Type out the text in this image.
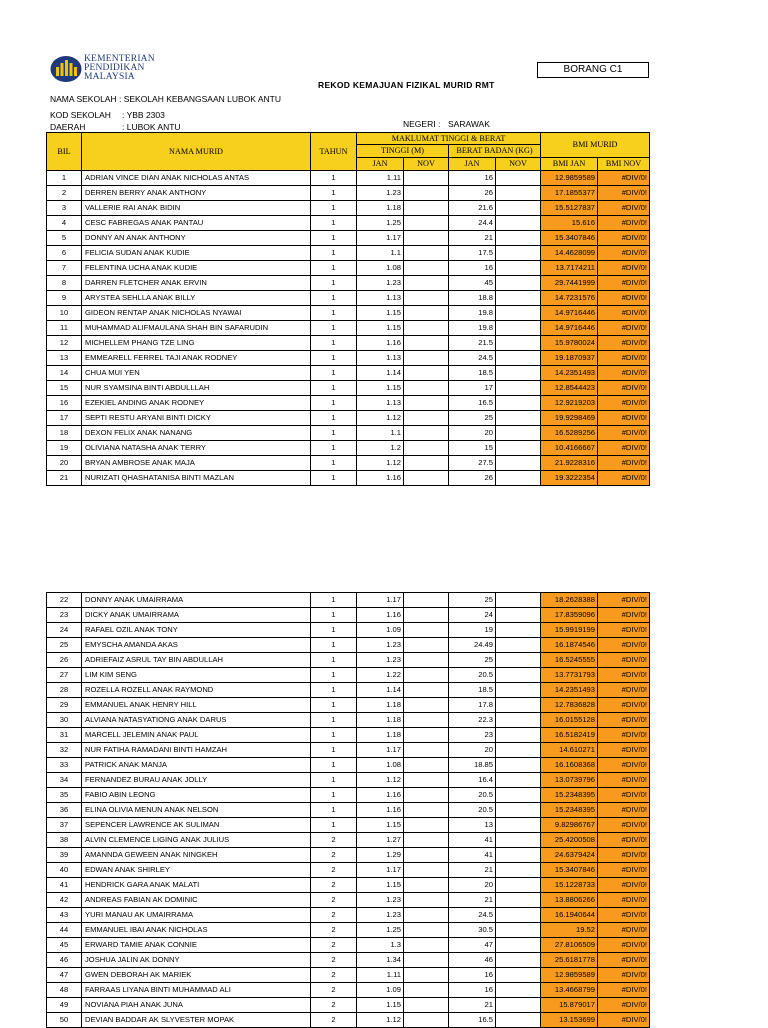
KEMENTERIAN
PENDIDIKAN
MALAYSIA
BORANG C1
REKOD KEMAJUAN FIZIKAL MURID RMT
NAMA SEKOLAH : SEKOLAH KEBANGSAAN LUBOK ANTU
KOD SEKOLAH : YBB 2303
DAERAH	: LUBOK ANTU	NEGERI : SARAWAK
BIL	NAMA MURID	TAHUN	MAKLUMAT TINGGI & BERAT				BMI MURID	
			TINGGI (M)		BERAT BADAN (KG)			
			JAN	NOV	JAN	NOV	BMI JAN	BMI NOV
1	ADRIAN VINCE DIAN ANAK NICHOLAS ANTAS	1	1.11		16		12.9859589	#DIV/0!
2	DERREN BERRY ANAK ANTHONY	1	1.23		26		17.1855377	#DIV/0!
3	VALLERIE RAI ANAK BIDIN	1	1.18		21.6		15.5127837	#DIV/0!
4	CESC FABREGAS ANAK PANTAU	1	1.25		24.4		15.616	#DIV/0!
5	DONNY AN ANAK ANTHONY	1	1.17		21		15.3407846	#DIV/0!
6	FELICIA SUDAN ANAK KUDIE	1	1.1		17.5		14.4628099	#DIV/0!
7	FELENTINA UCHA ANAK KUDIE	1	1.08		16		13.7174211	#DIV/0!
8	DARREN FLETCHER ANAK ERVIN	1	1.23		45		29.7441999	#DIV/0!
9	ARYSTEA SEHLLA ANAK BILLY	1	1.13		18.8		14.7231576	#DIV/0!
10	GIDEON RENTAP ANAK NICHOLAS NYAWAI	1	1.15		19.8		14.9716446	#DIV/0!
11	MUHAMMAD ALIFMAULANA SHAH BIN SAFARUDIN	1	1.15		19.8		14.9716446	#DIV/0!
12	MICHELLEM PHANG TZE LING	1	1.16		21.5		15.9780024	#DIV/0!
13	EMMEARELL FERREL TAJI ANAK RODNEY	1	1.13		24.5		19.1870937	#DIV/0!
14	CHUA MUI YEN	1	1.14		18.5		14.2351493	#DIV/0!
15	NUR SYAMSINA BINTI ABDULLLAH	1	1.15		17		12.8544423	#DIV/0!
16	EZEKIEL ANDING ANAK RODNEY	1	1.13		16.5		12.9219203	#DIV/0!
17	SEPTI RESTU ARYANI BINTI DICKY	1	1.12		25		19.9298469	#DIV/0!
18	DEXON FELIX ANAK NANANG	1	1.1		20		16.5289256	#DIV/0!
19	OLIVIANA NATASHA ANAK TERRY	1	1.2		15		10.4166667	#DIV/0!
20	BRYAN AMBROSE ANAK MAJA	1	1.12		27.5		21.9228316	#DIV/0!
21	NURIZATI QHASHATANISA BINTI MAZLAN	1	1.16		26		19.3222354	#DIV/0!
22	DONNY ANAK UMAIRRAMA	1	1.17		25		18.2628388	#DIV/0!
23	DICKY ANAK UMAIRRAMA	1	1.16		24		17.8359096	#DIV/0!
24	RAFAEL OZIL ANAK TONY	1	1.09		19		15.9919199	#DIV/0!
25	EMYSCHA AMANDA AKAS	1	1.23		24.49		16.1874546	#DIV/0!
26	ADRIEFAIZ ASRUL TAY BIN ABDULLAH	1	1.23		25		16.5245555	#DIV/0!
27	LIM KIM SENG	1	1.22		20.5		13.7731793	#DIV/0!
28	ROZELLA ROZELL ANAK RAYMOND	1	1.14		18.5		14.2351493	#DIV/0!
29	EMMANUEL ANAK HENRY HILL	1	1.18		17.8		12.7836828	#DIV/0!
30	ALVIANA NATASYATIONG ANAK DARUS	1	1.18		22.3		16.0155128	#DIV/0!
31	MARCELL JELEMIN ANAK PAUL	1	1.18		23		16.5182419	#DIV/0!
32	NUR FATIHA RAMADANI BINTI HAMZAH	1	1.17		20		14.610271	#DIV/0!
33	PATRICK ANAK MANJA	1	1.08		18.85		16.1608368	#DIV/0!
34	FERNANDEZ BURAU ANAK JOLLY	1	1.12		16.4		13.0739796	#DIV/0!
35	FABIO ABIN LEONG	1	1.16		20.5		15.2348395	#DIV/0!
36	ELINA OLIVIA MENUN ANAK NELSON	1	1.16		20.5		15.2348395	#DIV/0!
37	SEPENCER LAWRENCE AK SULIMAN	1	1.15		13		9.82986767	#DIV/0!
38	ALVIN CLEMENCE LIGING ANAK JULIUS	2	1.27		41		25.4200508	#DIV/0!
39	AMANNDA GEWEEN ANAK NINGKEH	2	1.29		41		24.6379424	#DIV/0!
40	EDWAN ANAK SHIRLEY	2	1.17		21		15.3407846	#DIV/0!
41	HENDRICK GARA ANAK MALATI	2	1.15		20		15.1228733	#DIV/0!
42	ANDREAS FABIAN AK DOMINIC	2	1.23		21		13.8806266	#DIV/0!
43	YURI MANAU AK UMAIRRAMA	2	1.23		24.5		16.1940644	#DIV/0!
44	EMMANUEL IBAI ANAK NICHOLAS	2	1.25		30.5		19.52	#DIV/0!
45	ERWARD TAMIE ANAK CONNIE	2	1.3		47		27.8106509	#DIV/0!
46	JOSHUA JALIN AK DONNY	2	1.34		46		25.6181778	#DIV/0!
47	GWEN DEBORAH AK MARIEK	2	1.11		16		12.9859589	#DIV/0!
48	FARRAAS LIYANA BINTI MUHAMMAD ALI	2	1.09		16		13.4668799	#DIV/0!
49	NOVIANA PIAH ANAK JUNA	2	1.15		21		15.879017	#DIV/0!
50	DEVIAN BADDAR AK SLYVESTER MOPAK	2	1.12		16.5		13.153699	#DIV/0!
